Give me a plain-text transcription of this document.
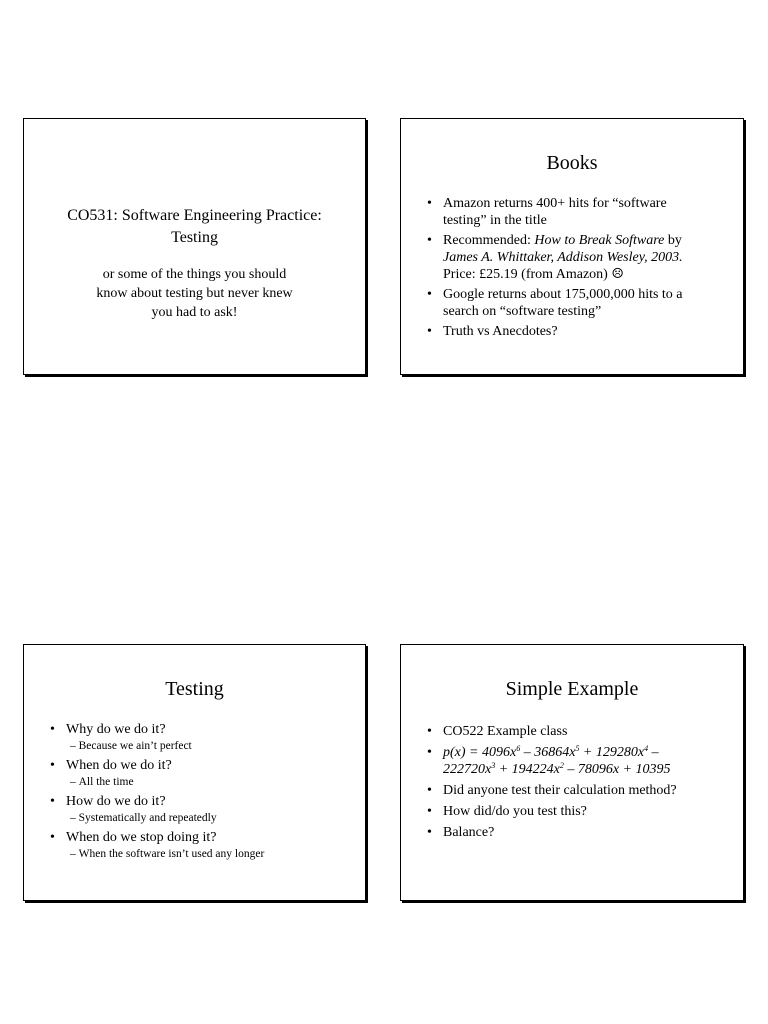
CO531: Software Engineering Practice:
Testing
or some of the things you should
know about testing but never knew
you had to ask!
Books
• Amazon returns 400+ hits for “software
testing” in the title
• Recommended: How to Break Software by
James A. Whittaker, Addison Wesley, 2003.
Price: £25.19 (from Amazon) ☹
• Google returns about 175,000,000 hits to a
search on “software testing”
• Truth vs Anecdotes?
Testing
• Why do we do it?
– Because we ain’t perfect
• When do we do it?
– All the time
• How do we do it?
– Systematically and repeatedly
• When do we stop doing it?
– When the software isn’t used any longer
Simple Example
• CO522 Example class
• $p(x) = 4096x^6 - 36864x^5 + 129280x^4$ –
$222720x^3 + 194224x^2 - 78096x + 10395$
• Did anyone test their calculation method?
• How did/do you test this?
• Balance?
